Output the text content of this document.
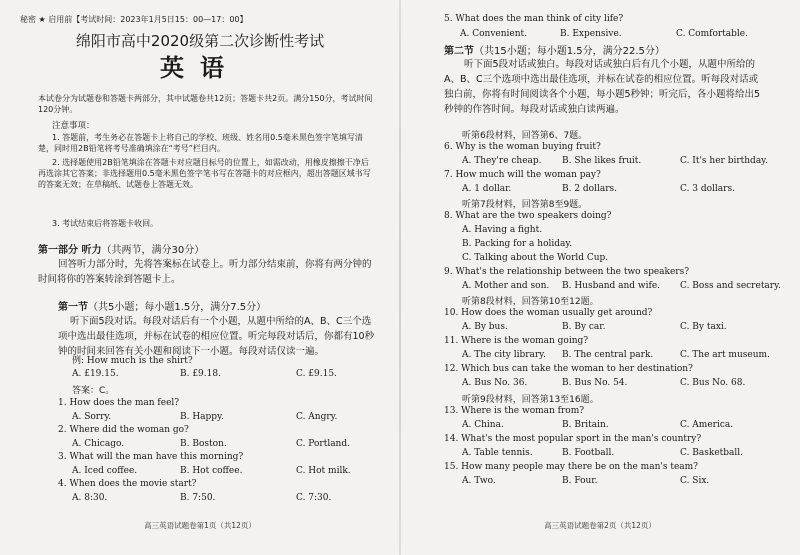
秘密 ★ 启用前【考试时间：2023年1月5日15：00—17：00】
绵阳市高中2020级第二次诊断性考试
英语
本试卷分为试题卷和答题卡两部分，其中试题卷共12页；答题卡共2页。满分150分，考试时间120分钟。
注意事项：
1. 答题前，考生务必在答题卡上将自己的学校、班级、姓名用0.5毫米黑色签字笔填写清楚，同时用2B铅笔将考号准确填涂在“考号”栏目内。
2. 选择题使用2B铅笔填涂在答题卡对应题目标号的位置上，如需改动，用橡皮擦擦干净后再选涂其它答案；非选择题用0.5毫米黑色签字笔书写在答题卡的对应框内，超出答题区域书写的答案无效；在草稿纸、试题卷上答题无效。
3. 考试结束后将答题卡收回。
第一部分 听力（共两节，满分30分）
回答听力部分时，先将答案标在试卷上。听力部分结束前，你将有两分钟的时间将你的答案转涂到答题卡上。
第一节（共5小题；每小题1.5分，满分7.5分）
听下面5段对话。每段对话后有一个小题，从题中所给的A、B、C三个选项中选出最佳选项，并标在试卷的相应位置。听完每段对话后，你都有10秒钟的时间来回答有关小题和阅读下一小题。每段对话仅读一遍。
例: How much is the shirt?
A. £19.15.	B. £9.18.	C. £9.15.
答案：C。
1. How does the man feel?
A. Sorry.	B. Happy.	C. Angry.
2. Where did the woman go?
A. Chicago.	B. Boston.	C. Portland.
3. What will the man have this morning?
A. Iced coffee.	B. Hot coffee.	C. Hot milk.
4. When does the movie start?
A. 8:30.	B. 7:50.	C. 7:30.
高三英语试题卷第1页（共12页）
5. What does the man think of city life?
A. Convenient.	B. Expensive.	C. Comfortable.
第二节（共15小题；每小题1.5分，满分22.5分）
听下面5段对话或独白。每段对话或独白后有几个小题，从题中所给的A、B、C三个选项中选出最佳选项，并标在试卷的相应位置。听每段对话或独白前，你将有时间阅读各个小题，每小题5秒钟；听完后，各小题将给出5秒钟的作答时间。每段对话或独白读两遍。
听第6段材料，回答第6、7题。
6. Why is the woman buying fruit?
A. They're cheap. B. She likes fruit.	C. It's her birthday.
7. How much will the woman pay?
A. 1 dollar.	B. 2 dollars.	C. 3 dollars.
听第7段材料，回答第8至9题。
8. What are the two speakers doing?
A. Having a fight.
B. Packing for a holiday.
C. Talking about the World Cup.
9. What's the relationship between the two speakers?
A. Mother and son. B. Husband and wife. C. Boss and secretary.
听第8段材料，回答第10至12题。
10. How does the woman usually get around?
A. By bus.	B. By car.	C. By taxi.
11. Where is the woman going?
A. The city library. B. The central park.	C. The art museum.
12. Which bus can take the woman to her destination?
A. Bus No. 36.	B. Bus No. 54.	C. Bus No. 68.
听第9段材料，回答第13至16题。
13. Where is the woman from?
A. China.	B. Britain.	C. America.
14. What's the most popular sport in the man's country?
A. Table tennis.	B. Football.	C. Basketball.
15. How many people may there be on the man's team?
A. Two.	B. Four.	C. Six.
高三英语试题卷第2页（共12页）
